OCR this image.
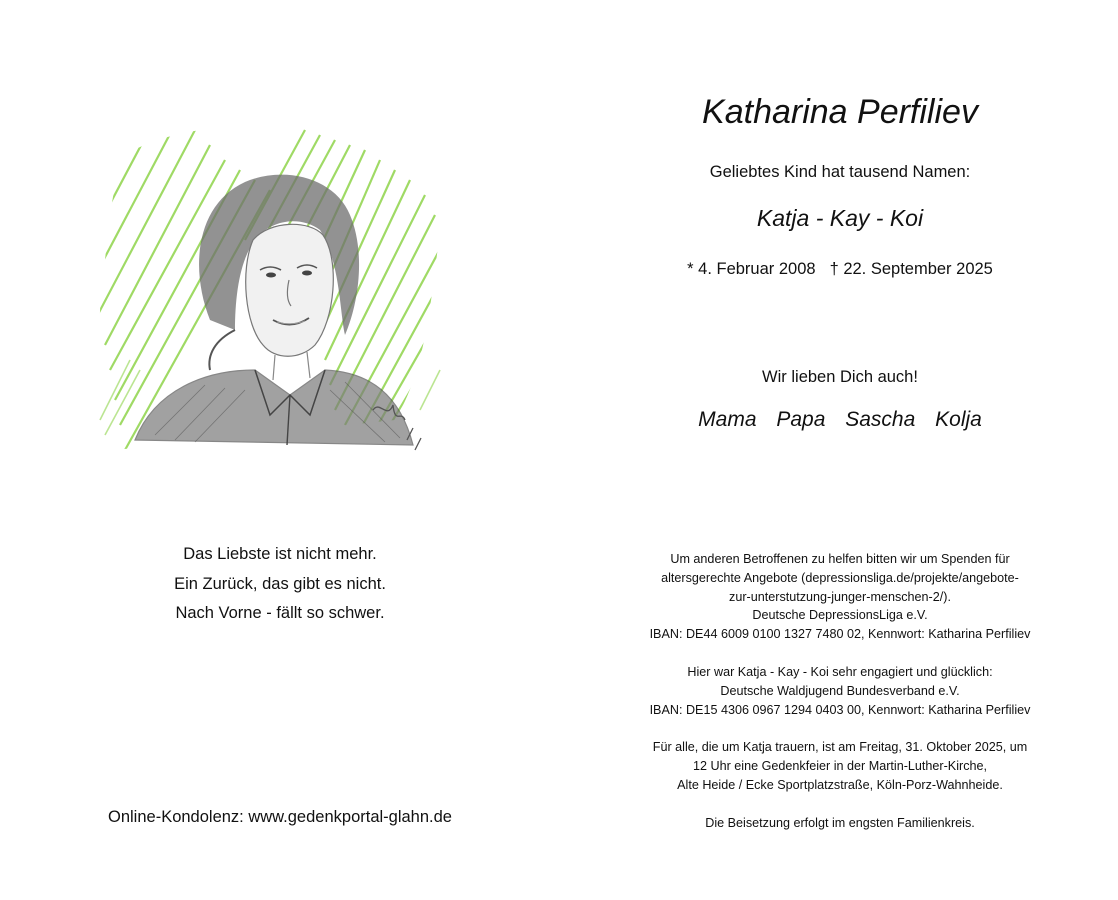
Das Liebste ist nicht mehr.
Ein Zurück, das gibt es nicht.
Nach Vorne - fällt so schwer.
Online-Kondolenz: www.gedenkportal-glahn.de
Katharina Perfiliev
Geliebtes Kind hat tausend Namen:
Katja - Kay - Koi
* 4. Februar 2008 † 22. September 2025
Wir lieben Dich auch!
Mama Papa Sascha Kolja
Um anderen Betroffenen zu helfen bitten wir um Spenden für
altersgerechte Angebote (depressionsliga.de/projekte/angebote-
zur-unterstutzung-junger-menschen-2/).
Deutsche DepressionsLiga e.V.
IBAN: DE44 6009 0100 1327 7480 02, Kennwort: Katharina Perfiliev
Hier war Katja - Kay - Koi sehr engagiert und glücklich:
Deutsche Waldjugend Bundesverband e.V.
IBAN: DE15 4306 0967 1294 0403 00, Kennwort: Katharina Perfiliev
Für alle, die um Katja trauern, ist am Freitag, 31. Oktober 2025, um
12 Uhr eine Gedenkfeier in der Martin-Luther-Kirche,
Alte Heide / Ecke Sportplatzstraße, Köln-Porz-Wahnheide.
Die Beisetzung erfolgt im engsten Familienkreis.
